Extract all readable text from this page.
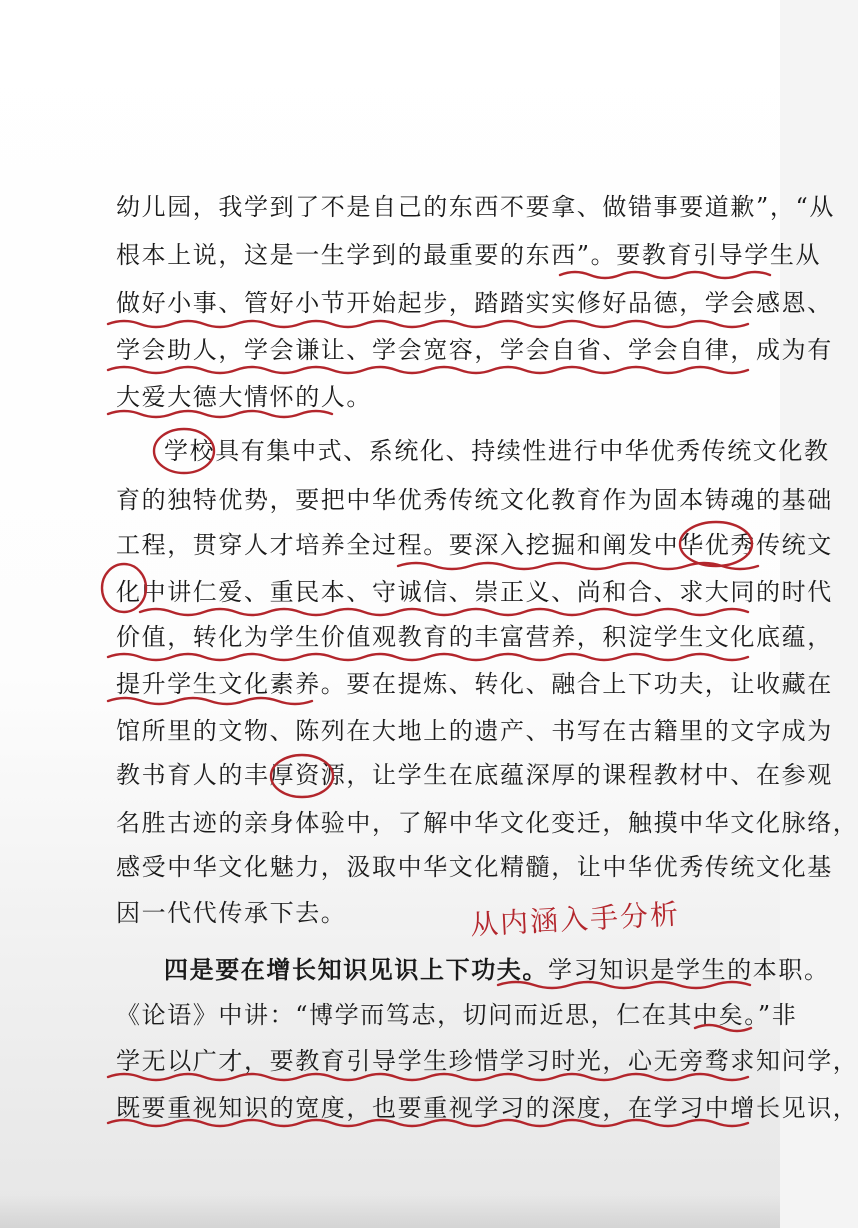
幼儿园，我学到了不是自己的东西不要拿、做错事要道歉”，“从
根本上说，这是一生学到的最重要的东西”。要教育引导学生从
做好小事、管好小节开始起步，踏踏实实修好品德，学会感恩、
学会助人，学会谦让、学会宽容，学会自省、学会自律，成为有
大爱大德大情怀的人。
学校具有集中式、系统化、持续性进行中华优秀传统文化教
育的独特优势，要把中华优秀传统文化教育作为固本铸魂的基础
工程，贯穿人才培养全过程。要深入挖掘和阐发中华优秀传统文
化中讲仁爱、重民本、守诚信、崇正义、尚和合、求大同的时代
价值，转化为学生价值观教育的丰富营养，积淀学生文化底蕴，
提升学生文化素养。要在提炼、转化、融合上下功夫，让收藏在
馆所里的文物、陈列在大地上的遗产、书写在古籍里的文字成为
教书育人的丰厚资源，让学生在底蕴深厚的课程教材中、在参观
名胜古迹的亲身体验中，了解中华文化变迁，触摸中华文化脉络，
感受中华文化魅力，汲取中华文化精髓，让中华优秀传统文化基
因一代代传承下去。
四是要在增长知识见识上下功夫。学习知识是学生的本职。
《论语》中讲：“博学而笃志，切问而近思，仁在其中矣。”非
学无以广才，要教育引导学生珍惜学习时光，心无旁骛求知问学，
既要重视知识的宽度，也要重视学习的深度，在学习中增长见识，
从内涵入手分析
